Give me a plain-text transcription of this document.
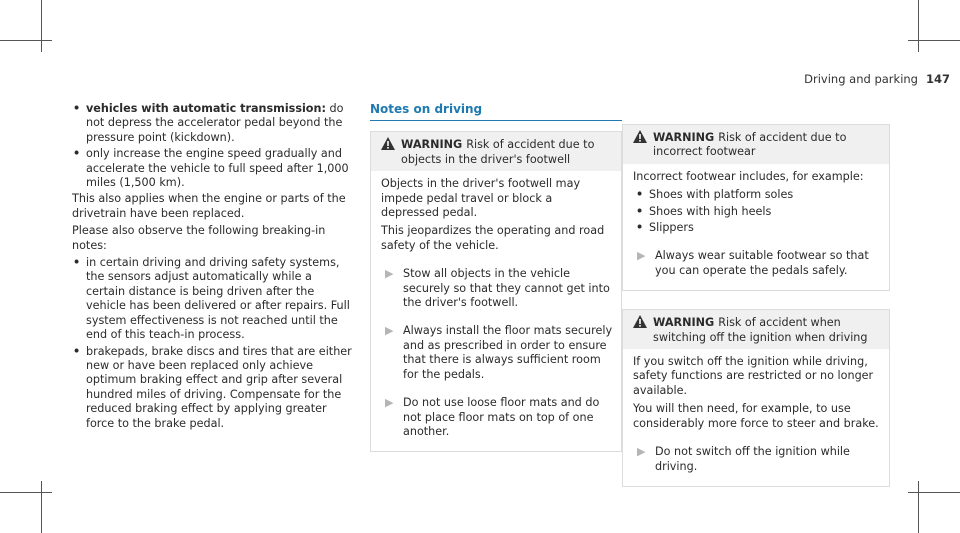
Driving and parking 147
• vehicles with automatic transmission: do not depress the accelerator pedal beyond the pressure point (kickdown).
• only increase the engine speed gradually and accelerate the vehicle to full speed after 1,000 miles (1,500 km).

This also applies when the engine or parts of the drivetrain have been replaced.

Please also observe the following breaking-in notes:

• in certain driving and driving safety systems, the sensors adjust automatically while a certain distance is being driven after the vehicle has been delivered or after repairs. Full system effectiveness is not reached until the end of this teach-in process.
• brakepads, brake discs and tires that are either new or have been replaced only achieve optimum braking effect and grip after several hundred miles of driving. Compensate for the reduced braking effect by applying greater force to the brake pedal.
Notes on driving
WARNING Risk of accident due to objects in the driver's footwell

Objects in the driver's footwell may impede pedal travel or block a depressed pedal.

This jeopardizes the operating and road safety of the vehicle.

▶ Stow all objects in the vehicle securely so that they cannot get into the driver's footwell.
▶ Always install the floor mats securely and as prescribed in order to ensure that there is always sufficient room for the pedals.
▶ Do not use loose floor mats and do not place floor mats on top of one another.
WARNING Risk of accident due to incorrect footwear

Incorrect footwear includes, for example:

• Shoes with platform soles
• Shoes with high heels
• Slippers
▶ Always wear suitable footwear so that you can operate the pedals safely.
WARNING Risk of accident when switching off the ignition when driving

If you switch off the ignition while driving, safety functions are restricted or no longer available.

You will then need, for example, to use considerably more force to steer and brake.

▶ Do not switch off the ignition while driving.
